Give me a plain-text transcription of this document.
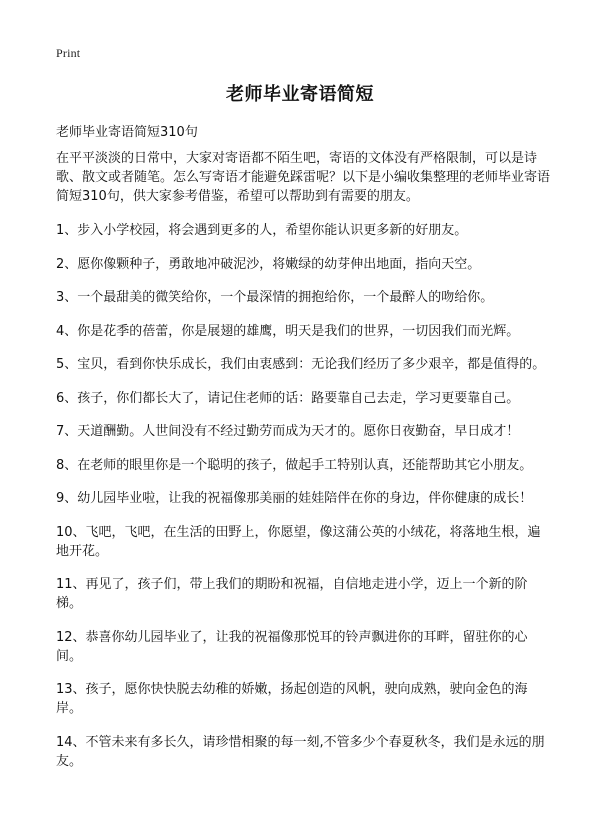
Print
老师毕业寄语简短
老师毕业寄语简短310句

在平平淡淡的日常中，大家对寄语都不陌生吧，寄语的文体没有严格限制，可以是诗歌、散文或者随笔。怎么写寄语才能避免踩雷呢？以下是小编收集整理的老师毕业寄语简短310句，供大家参考借鉴，希望可以帮助到有需要的朋友。

1、步入小学校园，将会遇到更多的人，希望你能认识更多新的好朋友。

2、愿你像颗种子，勇敢地冲破泥沙，将嫩绿的幼芽伸出地面，指向天空。

3、一个最甜美的微笑给你，一个最深情的拥抱给你，一个最醉人的吻给你。

4、你是花季的蓓蕾，你是展翅的雄鹰，明天是我们的世界，一切因我们而光辉。

5、宝贝，看到你快乐成长，我们由衷感到：无论我们经历了多少艰辛，都是值得的。

6、孩子，你们都长大了，请记住老师的话：路要靠自己去走，学习更要靠自己。

7、天道酬勤。人世间没有不经过勤劳而成为天才的。愿你日夜勤奋，早日成才！

8、在老师的眼里你是一个聪明的孩子，做起手工特别认真，还能帮助其它小朋友。

9、幼儿园毕业啦，让我的祝福像那美丽的娃娃陪伴在你的身边，伴你健康的成长！

10、飞吧，飞吧，在生活的田野上，你愿望，像这蒲公英的小绒花，将落地生根，遍地开花。

11、再见了，孩子们，带上我们的期盼和祝福，自信地走进小学，迈上一个新的阶梯。

12、恭喜你幼儿园毕业了，让我的祝福像那悦耳的铃声飘进你的耳畔，留驻你的心间。

13、孩子，愿你快快脱去幼稚的娇嫩，扬起创造的风帆，驶向成熟，驶向金色的海岸。

14、不管未来有多长久，请珍惜相聚的每一刻,不管多少个春夏秋冬，我们是永远的朋友。
